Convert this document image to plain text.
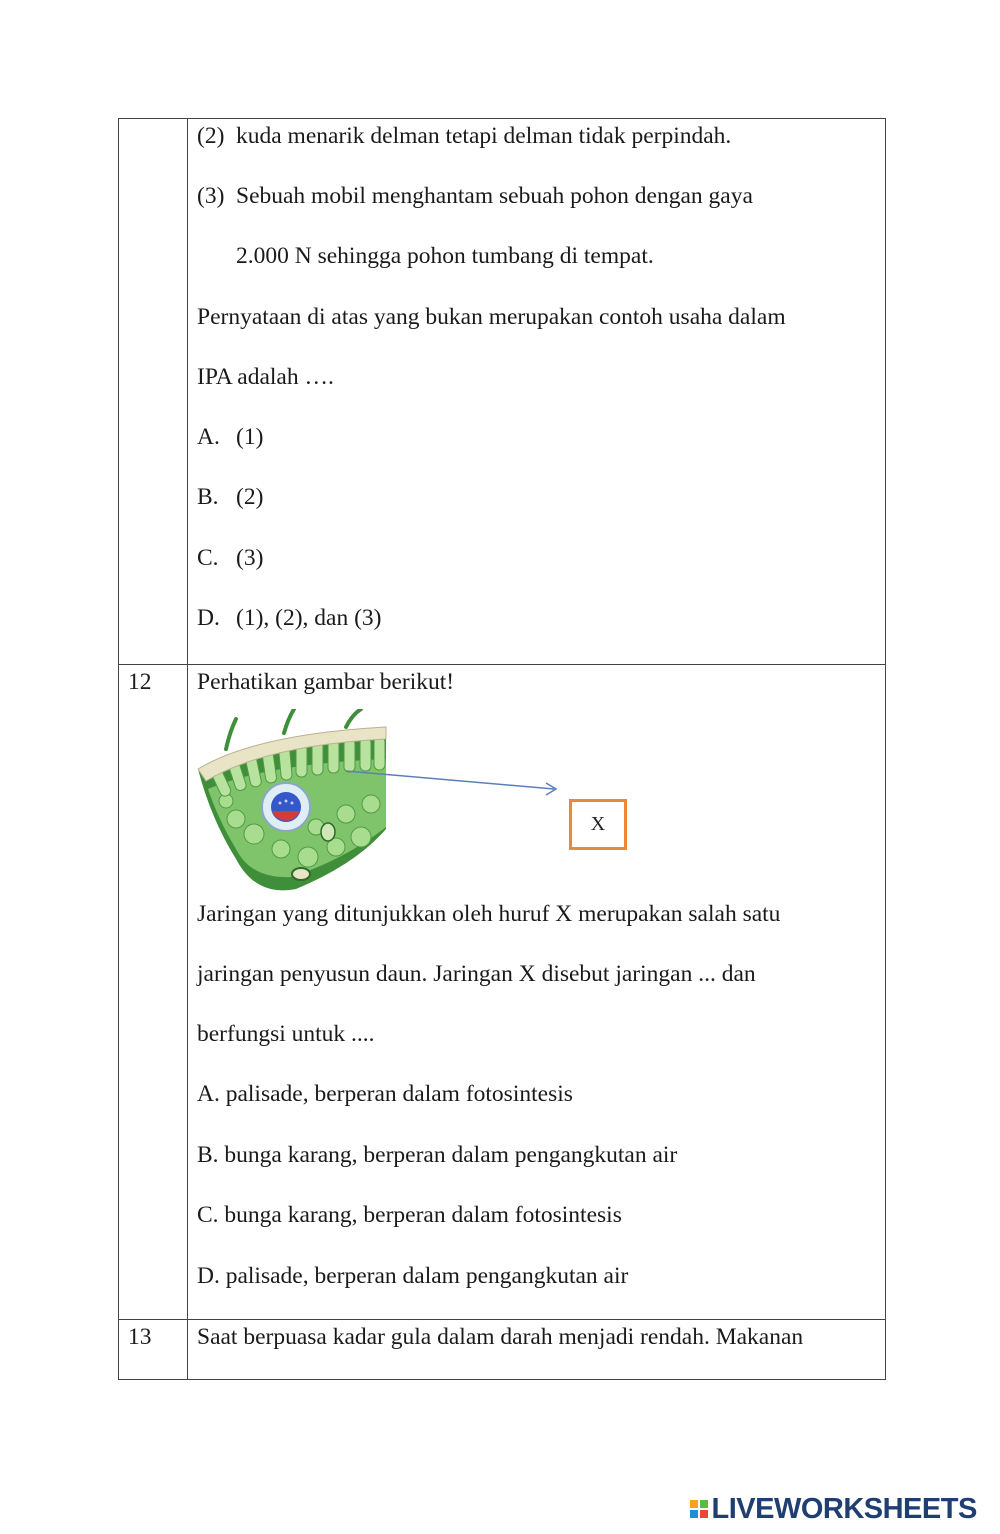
(2) kuda menarik delman tetapi delman tidak perpindah.
(3) Sebuah mobil menghantam sebuah pohon dengan gaya
2.000 N sehingga pohon tumbang di tempat.
Pernyataan di atas yang bukan merupakan contoh usaha dalam
IPA adalah ….
A. (1)
B. (2)
C. (3)
D. (1), (2), dan (3)
12	Perhatikan gambar berikut!
X
Jaringan yang ditunjukkan oleh huruf X merupakan salah satu
jaringan penyusun daun. Jaringan X disebut jaringan ... dan
berfungsi untuk ....
A. palisade, berperan dalam fotosintesis
B. bunga karang, berperan dalam pengangkutan air
C. bunga karang, berperan dalam fotosintesis
D. palisade, berperan dalam pengangkutan air
13	Saat berpuasa kadar gula dalam darah menjadi rendah. Makanan
LIVEWORKSHEETS
